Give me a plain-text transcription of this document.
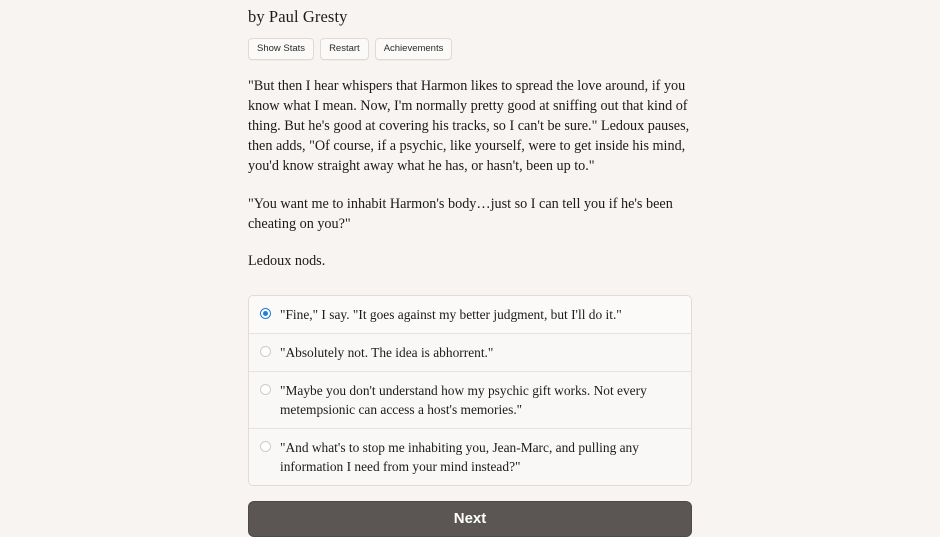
by Paul Gresty
Show Stats	Restart	Achievements

"But then I hear whispers that Harmon likes to spread the love around, if you know what I mean. Now, I'm normally pretty good at sniffing out that kind of thing. But he's good at covering his tracks, so I can't be sure." Ledoux pauses, then adds, "Of course, if a psychic, like yourself, were to get inside his mind, you'd know straight away what he has, or hasn't, been up to."

"You want me to inhabit Harmon's body…just so I can tell you if he's been cheating on you?"

Ledoux nods.

"Fine," I say. "It goes against my better judgment, but I'll do it."
"Absolutely not. The idea is abhorrent."
"Maybe you don't understand how my psychic gift works. Not every metempsionic can access a host's memories."
"And what's to stop me inhabiting you, Jean-Marc, and pulling any information I need from your mind instead?"
Next
